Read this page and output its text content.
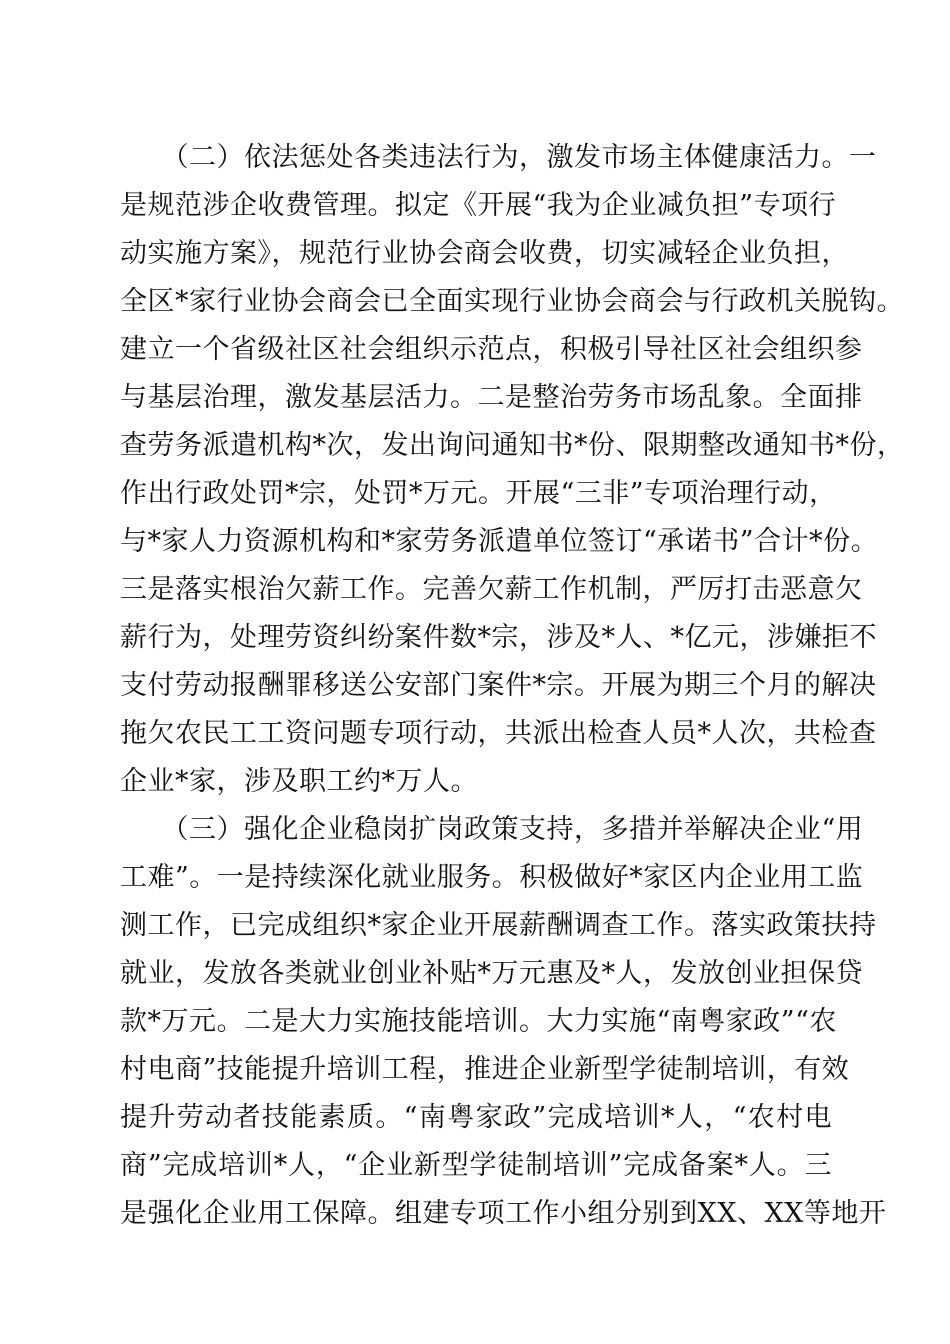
　　（二）依法惩处各类违法行为，激发市场主体健康活力。一
是规范涉企收费管理。拟定《开展“我为企业减负担”专项行
动实施方案》，规范行业协会商会收费，切实减轻企业负担，
全区*家行业协会商会已全面实现行业协会商会与行政机关脱钩。
建立一个省级社区社会组织示范点，积极引导社区社会组织参
与基层治理，激发基层活力。二是整治劳务市场乱象。全面排
查劳务派遣机构*次，发出询问通知书*份、限期整改通知书*份，
作出行政处罚*宗，处罚*万元。开展“三非”专项治理行动，
与*家人力资源机构和*家劳务派遣单位签订“承诺书”合计*份。
三是落实根治欠薪工作。完善欠薪工作机制，严厉打击恶意欠
薪行为，处理劳资纠纷案件数*宗，涉及*人、*亿元，涉嫌拒不
支付劳动报酬罪移送公安部门案件*宗。开展为期三个月的解决
拖欠农民工工资问题专项行动，共派出检查人员*人次，共检查
企业*家，涉及职工约*万人。
　　（三）强化企业稳岗扩岗政策支持，多措并举解决企业“用
工难”。一是持续深化就业服务。积极做好*家区内企业用工监
测工作，已完成组织*家企业开展薪酬调查工作。落实政策扶持
就业，发放各类就业创业补贴*万元惠及*人，发放创业担保贷
款*万元。二是大力实施技能培训。大力实施“南粤家政”“农
村电商”技能提升培训工程，推进企业新型学徒制培训，有效
提升劳动者技能素质。“南粤家政”完成培训*人，“农村电
商”完成培训*人，“企业新型学徒制培训”完成备案*人。三
是强化企业用工保障。组建专项工作小组分别到XX、XX等地开
